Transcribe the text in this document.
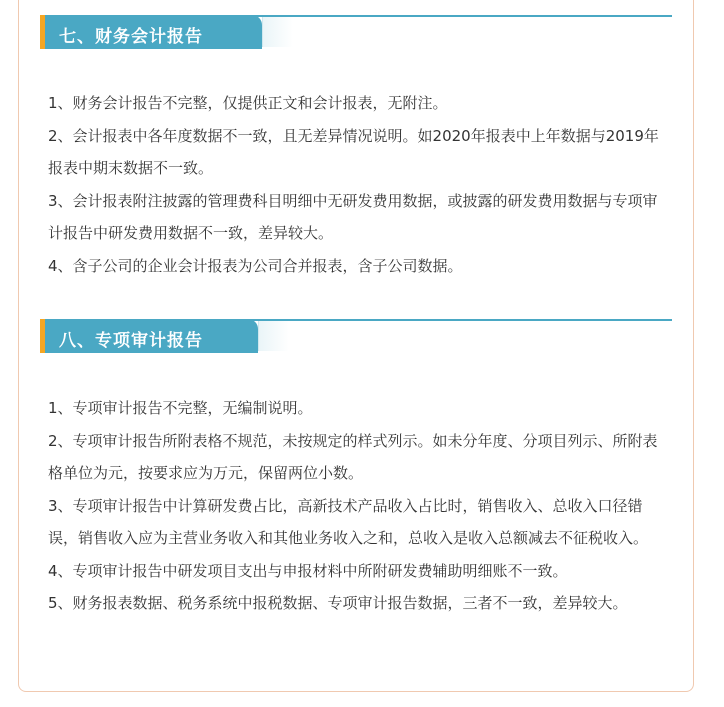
七、财务会计报告

1、财务会计报告不完整，仅提供正文和会计报表，无附注。

2、会计报表中各年度数据不一致，且无差异情况说明。如2020年报表中上年数据与2019年报表中期末数据不一致。

3、会计报表附注披露的管理费科目明细中无研发费用数据，或披露的研发费用数据与专项审计报告中研发费用数据不一致，差异较大。

4、含子公司的企业会计报表为公司合并报表，含子公司数据。

八、专项审计报告

1、专项审计报告不完整，无编制说明。

2、专项审计报告所附表格不规范，未按规定的样式列示。如未分年度、分项目列示、所附表格单位为元，按要求应为万元，保留两位小数。

3、专项审计报告中计算研发费占比，高新技术产品收入占比时，销售收入、总收入口径错误，销售收入应为主营业务收入和其他业务收入之和，总收入是收入总额减去不征税收入。

4、专项审计报告中研发项目支出与申报材料中所附研发费辅助明细账不一致。

5、财务报表数据、税务系统中报税数据、专项审计报告数据，三者不一致，差异较大。
